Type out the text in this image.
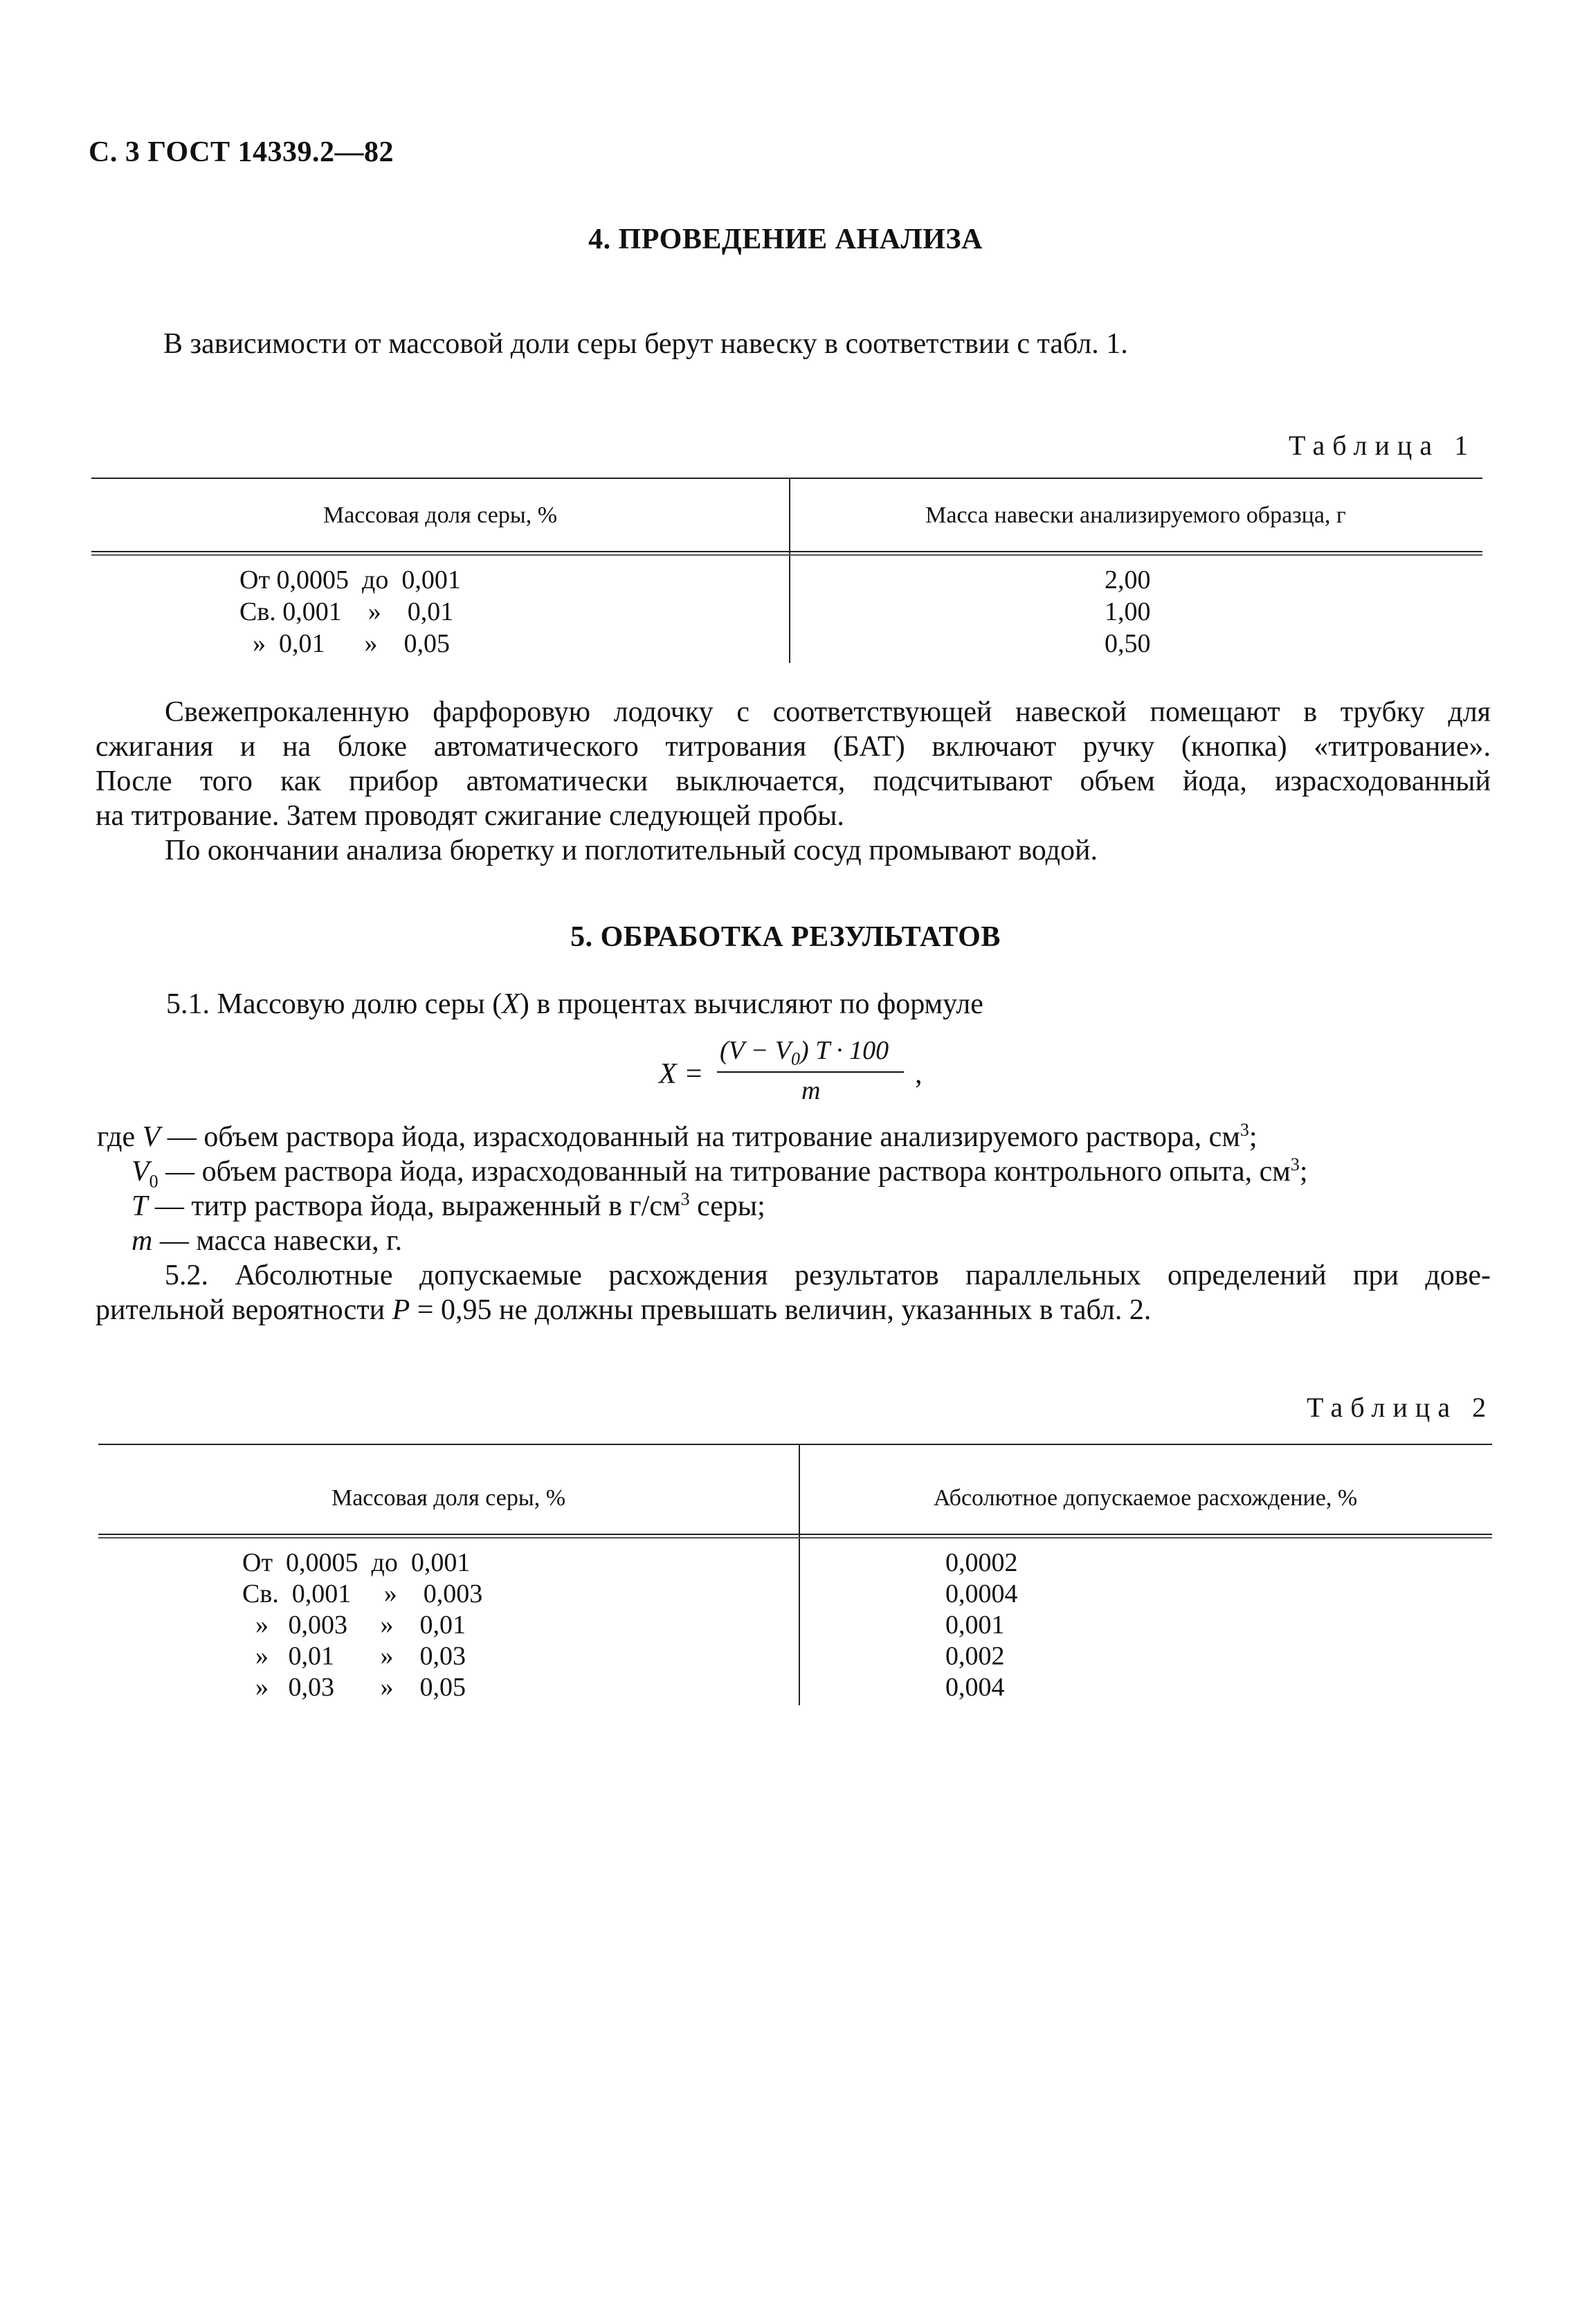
С. 3 ГОСТ 14339.2—82
4. ПРОВЕДЕНИЕ АНАЛИЗА
В зависимости от массовой доли серы берут навеску в соответствии с табл. 1.
Таблица 1
Массовая доля серы, %	Масса навески анализируемого образца, г
От 0,0005  до  0,001	2,00
Св. 0,001    »    0,01	1,00
»  0,01      »    0,05	0,50

Свежепрокаленную фарфоровую лодочку с соответствующей навеской помещают в трубку для

сжигания и на блоке автоматического титрования (БАТ) включают ручку (кнопка) «титрование».

После того как прибор автоматически выключается, подсчитывают объем йода, израсходованный

на титрование. Затем проводят сжигание следующей пробы.

По окончании анализа бюретку и поглотительный сосуд промывают водой.

5. ОБРАБОТКА РЕЗУЛЬТАТОВ
5.1. Массовую долю серы (X) в процентах вычисляют по формуле
X =
$(V - V_0)$ T · 100
m
,
где V — объем раствора йода, израсходованный на титрование анализируемого раствора, $см^3$;
$V_0$ — объем раствора йода, израсходованный на титрование раствора контрольного опыта, $см^3$;
T — титр раствора йода, выраженный в $г/см^3$ серы;
m — масса навески, г.

5.2. Абсолютные допускаемые расхождения результатов параллельных определений при дове-

рительной вероятности P = 0,95 не должны превышать величин, указанных в табл. 2.

Таблица 2
Массовая доля серы, %	Абсолютное допускаемое расхождение, %
От  0,0005  до  0,001	0,0002
Св.  0,001     »    0,003	0,0004
»   0,003     »    0,01	0,001
»   0,01       »    0,03	0,002
»   0,03       »    0,05	0,004
